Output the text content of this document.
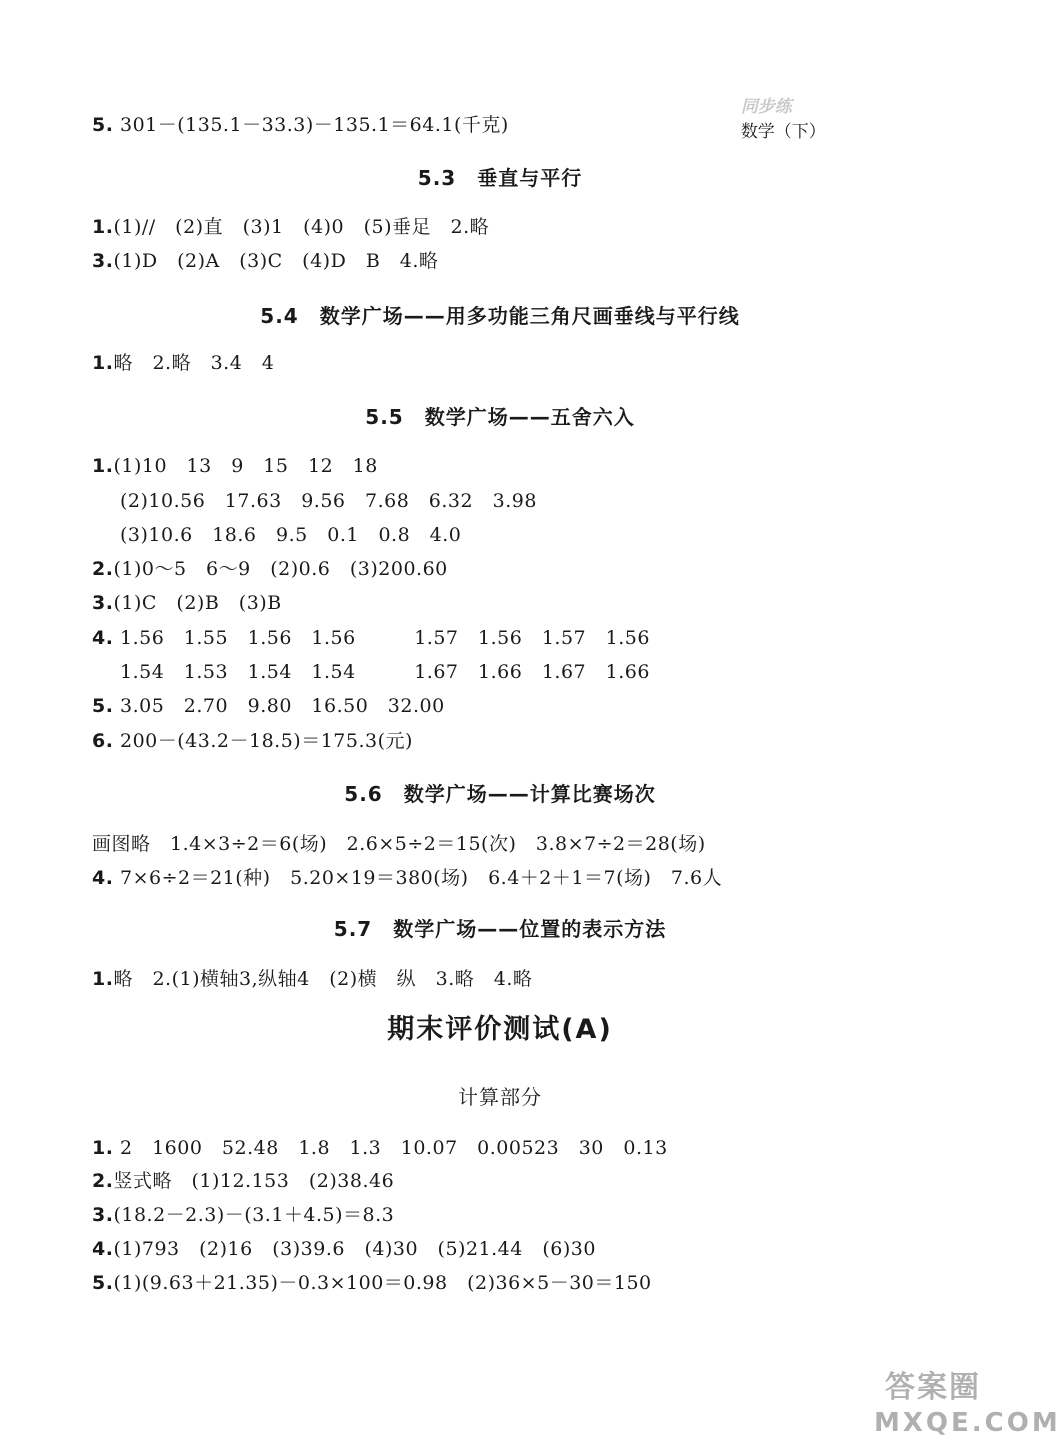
同步练
数学（下）

5.3　垂直与平行
5.4　数学广场——用多功能三角尺画垂线与平行线
5.5　数学广场——五舍六入
5.6　数学广场——计算比赛场次
5.7　数学广场——位置的表示方法
期末评价测试(A)
计算部分
5. 301－(135.1－33.3)－135.1＝64.1(千克)
1.(1)//　(2)直　(3)1　(4)0　(5)垂足　2.略
3.(1)D　(2)A　(3)C　(4)D　B　4.略
1.略　2.略　3.4　4
1.(1)10　13　9　15　12　18
(2)10.56　17.63　9.56　7.68　6.32　3.98
(3)10.6　18.6　9.5　0.1　0.8　4.0
2.(1)0～5　6～9　(2)0.6　(3)200.60
3.(1)C　(2)B　(3)B
4. 1.56　1.55　1.56　1.56　　　1.57　1.56　1.57　1.56
1.54　1.53　1.54　1.54　　　1.67　1.66　1.67　1.66
5. 3.05　2.70　9.80　16.50　32.00
6. 200－(43.2－18.5)＝175.3(元)
画图略　1.4×3÷2＝6(场)　2.6×5÷2＝15(次)　3.8×7÷2＝28(场)
4. 7×6÷2＝21(种)　5.20×19＝380(场)　6.4＋2＋1＝7(场)　7.6人
1.略　2.(1)横轴3,纵轴4　(2)横　纵　3.略　4.略
1. 2　1600　52.48　1.8　1.3　10.07　0.00523　30　0.13
2.竖式略　(1)12.153　(2)38.46
3.(18.2－2.3)－(3.1＋4.5)＝8.3
4.(1)793　(2)16　(3)39.6　(4)30　(5)21.44　(6)30
5.(1)(9.63＋21.35)－0.3×100＝0.98　(2)36×5－30＝150
答案圈
MXQE.COM
